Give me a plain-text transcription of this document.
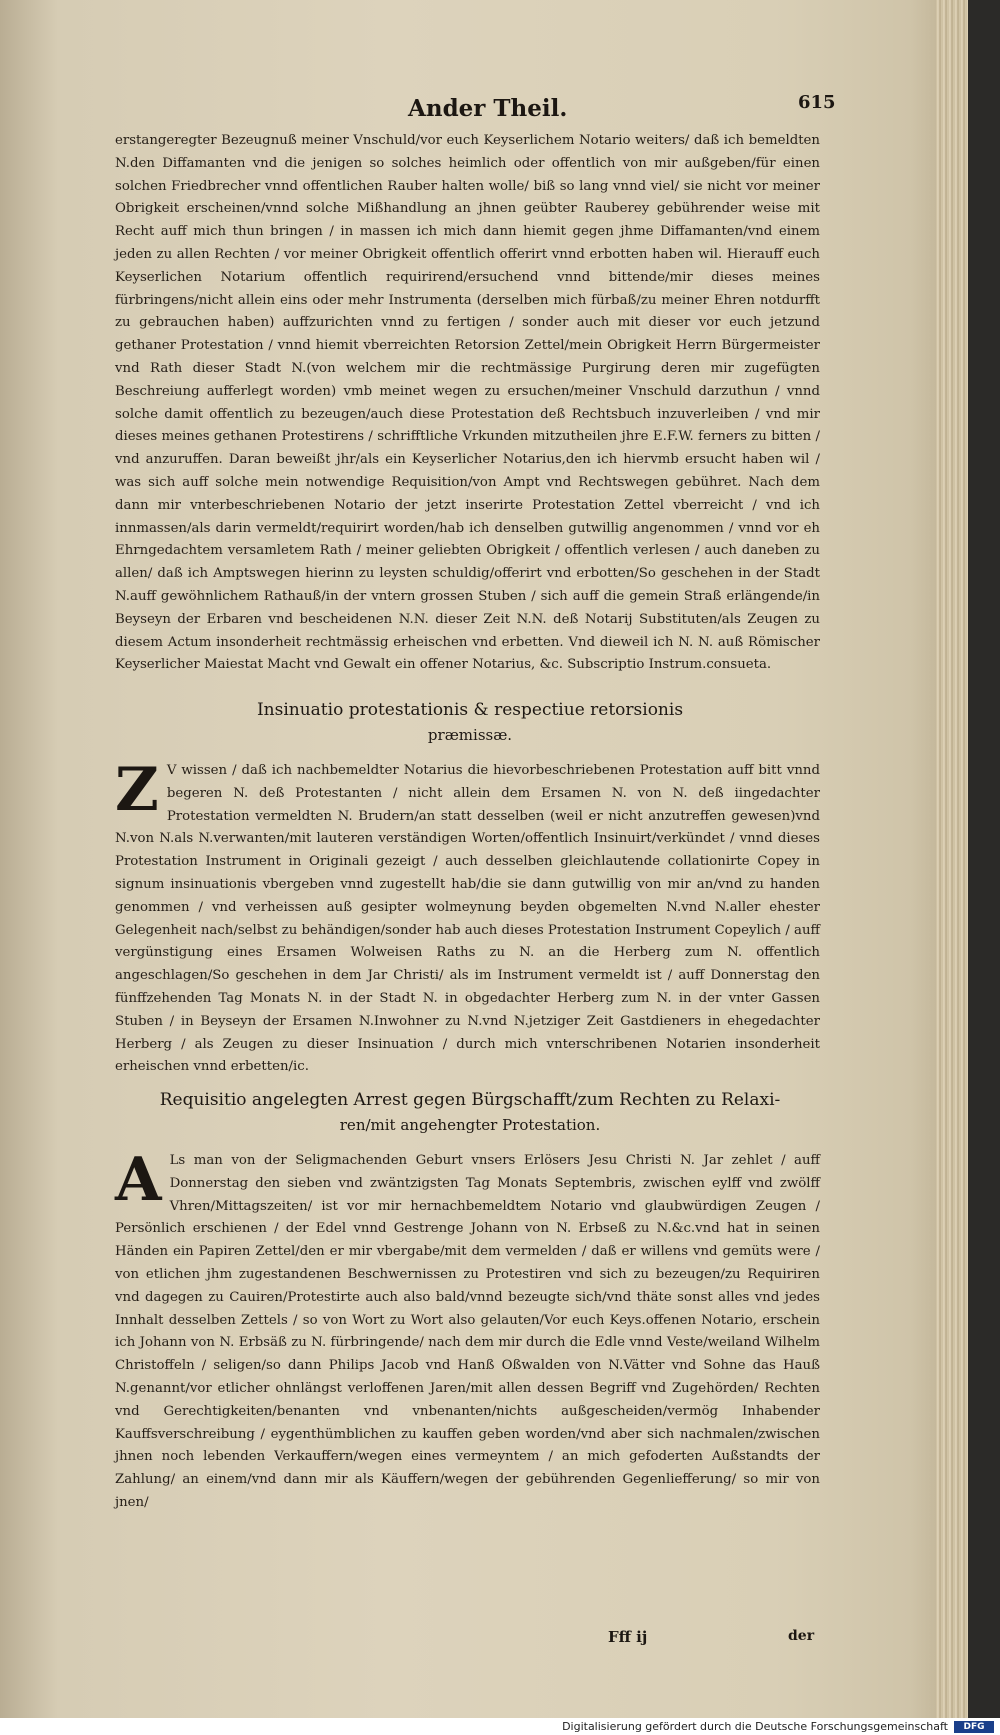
Ander Theil.	615
erstangeregter Bezeugnuß meiner Vnschuld/vor euch Keyserlichem Notario weiters/ daß ich bemeldten N.den Diffamanten vnd die jenigen so solches heimlich oder offentlich von mir außgeben/für einen solchen Friedbrecher vnnd offentlichen Rauber halten wolle/ biß so lang vnnd viel/ sie nicht vor meiner Obrigkeit erscheinen/vnnd solche Mißhandlung an jhnen geübter Rauberey gebührender weise mit Recht auff mich thun bringen / in massen ich mich dann hiemit gegen jhme Diffamanten/vnd einem jeden zu allen Rechten / vor meiner Obrigkeit offentlich offerirt vnnd erbotten haben wil. Hierauff euch Keyserlichen Notarium offentlich requirirend/ersuchend vnnd bittende/mir dieses meines fürbringens/nicht allein eins oder mehr Instrumenta (derselben mich fürbaß/zu meiner Ehren notdurfft zu gebrauchen haben) auffzurichten vnnd zu fertigen / sonder auch mit dieser vor euch jetzund gethaner Protestation / vnnd hiemit vberreichten Retorsion Zettel/mein Obrigkeit Herrn Bürgermeister vnd Rath dieser Stadt N.(von welchem mir die rechtmässige Purgirung deren mir zugefügten Beschreiung aufferlegt worden) vmb meinet wegen zu ersuchen/meiner Vnschuld darzuthun / vnnd solche damit offentlich zu bezeugen/auch diese Protestation deß Rechtsbuch inzuverleiben / vnd mir dieses meines gethanen Protestirens / schrifftliche Vrkunden mitzutheilen jhre E.F.W. ferners zu bitten / vnd anzuruffen. Daran beweißt jhr/als ein Keyserlicher Notarius,den ich hiervmb ersucht haben wil / was sich auff solche mein notwendige Requisition/von Ampt vnd Rechtswegen gebühret. Nach dem dann mir vnterbeschriebenen Notario der jetzt inserirte Protestation Zettel vberreicht / vnd ich innmassen/als darin vermeldt/requirirt worden/hab ich denselben gutwillig angenommen / vnnd vor eh Ehrngedachtem versamletem Rath / meiner geliebten Obrigkeit / offentlich verlesen / auch daneben zu allen/ daß ich Amptswegen hierinn zu leysten schuldig/offerirt vnd erbotten/So geschehen in der Stadt N.auff gewöhnlichem Rathauß/in der vntern grossen Stuben / sich auff die gemein Straß erlängende/in Beyseyn der Erbaren vnd bescheidenen N.N. dieser Zeit N.N. deß Notarij Substituten/als Zeugen zu diesem Actum insonderheit rechtmässig erheischen vnd erbetten. Vnd dieweil ich N. N. auß Römischer Keyserlicher Maiestat Macht vnd Gewalt ein offener Notarius, &c. Subscriptio Instrum.consueta.
Insinuatio protestationis & respectiue retorsionis
præmissæ.
Z V wissen / daß ich nachbemeldter Notarius die hievorbeschriebenen Protestation auff bitt vnnd begeren N. deß Protestanten / nicht allein dem Ersamen N. von N. deß iingedachter Protestation vermeldten N. Brudern/an statt desselben (weil er nicht anzutreffen gewesen)vnd N.von N.als N.verwanten/mit lauteren verständigen Worten/offentlich Insinuirt/verkündet / vnnd dieses Protestation Instrument in Originali gezeigt / auch desselben gleichlautende collationirte Copey in signum insinuationis vbergeben vnnd zugestellt hab/die sie dann gutwillig von mir an/vnd zu handen genommen / vnd verheissen auß gesipter wolmeynung beyden obgemelten N.vnd N.aller ehester Gelegenheit nach/selbst zu behändigen/sonder hab auch dieses Protestation Instrument Copeylich / auff vergünstigung eines Ersamen Wolweisen Raths zu N. an die Herberg zum N. offentlich angeschlagen/So geschehen in dem Jar Christi/ als im Instrument vermeldt ist / auff Donnerstag den fünffzehenden Tag Monats N. in der Stadt N. in obgedachter Herberg zum N. in der vnter Gassen Stuben / in Beyseyn der Ersamen N.Inwohner zu N.vnd N.jetziger Zeit Gastdieners in ehegedachter Herberg / als Zeugen zu dieser Insinuation / durch mich vnterschribenen Notarien insonderheit erheischen vnnd erbetten/ic.
Requisitio angelegten Arrest gegen Bürgschafft/zum Rechten zu Relaxi-
ren/mit angehengter Protestation.
A Ls man von der Seligmachenden Geburt vnsers Erlösers Jesu Christi N. Jar zehlet / auff Donnerstag den sieben vnd zwäntzigsten Tag Monats Septembris, zwischen eylff vnd zwölff Vhren/Mittagszeiten/ ist vor mir hernachbemeldtem Notario vnd glaubwürdigen Zeugen / Persönlich erschienen / der Edel vnnd Gestrenge Johann von N. Erbseß zu N.&c.vnd hat in seinen Händen ein Papiren Zettel/den er mir vbergabe/mit dem vermelden / daß er willens vnd gemüts were / von etlichen jhm zugestandenen Beschwernissen zu Protestiren vnd sich zu bezeugen/zu Requiriren vnd dagegen zu Cauiren/Protestirte auch also bald/vnnd bezeugte sich/vnd thäte sonst alles vnd jedes Innhalt desselben Zettels / so von Wort zu Wort also gelauten/Vor euch Keys.offenen Notario, erschein ich Johann von N. Erbsäß zu N. fürbringende/ nach dem mir durch die Edle vnnd Veste/weiland Wilhelm Christoffeln / seligen/so dann Philips Jacob vnd Hanß Oßwalden von N.Vätter vnd Sohne das Hauß N.genannt/vor etlicher ohnlängst verloffenen Jaren/mit allen dessen Begriff vnd Zugehörden/ Rechten vnd Gerechtigkeiten/benanten vnd vnbenanten/nichts außgescheiden/vermög Inhabender Kauffsverschreibung / eygenthümblichen zu kauffen geben worden/vnd aber sich nachmalen/zwischen jhnen noch lebenden Verkauffern/wegen eines vermeyntem / an mich gefoderten Außstandts der Zahlung/ an einem/vnd dann mir als Käuffern/wegen der gebührenden Gegenliefferung/ so mir von jnen/
Fff ij	der
Digitalisierung gefördert durch die Deutsche Forschungsgemeinschaft	DFG
